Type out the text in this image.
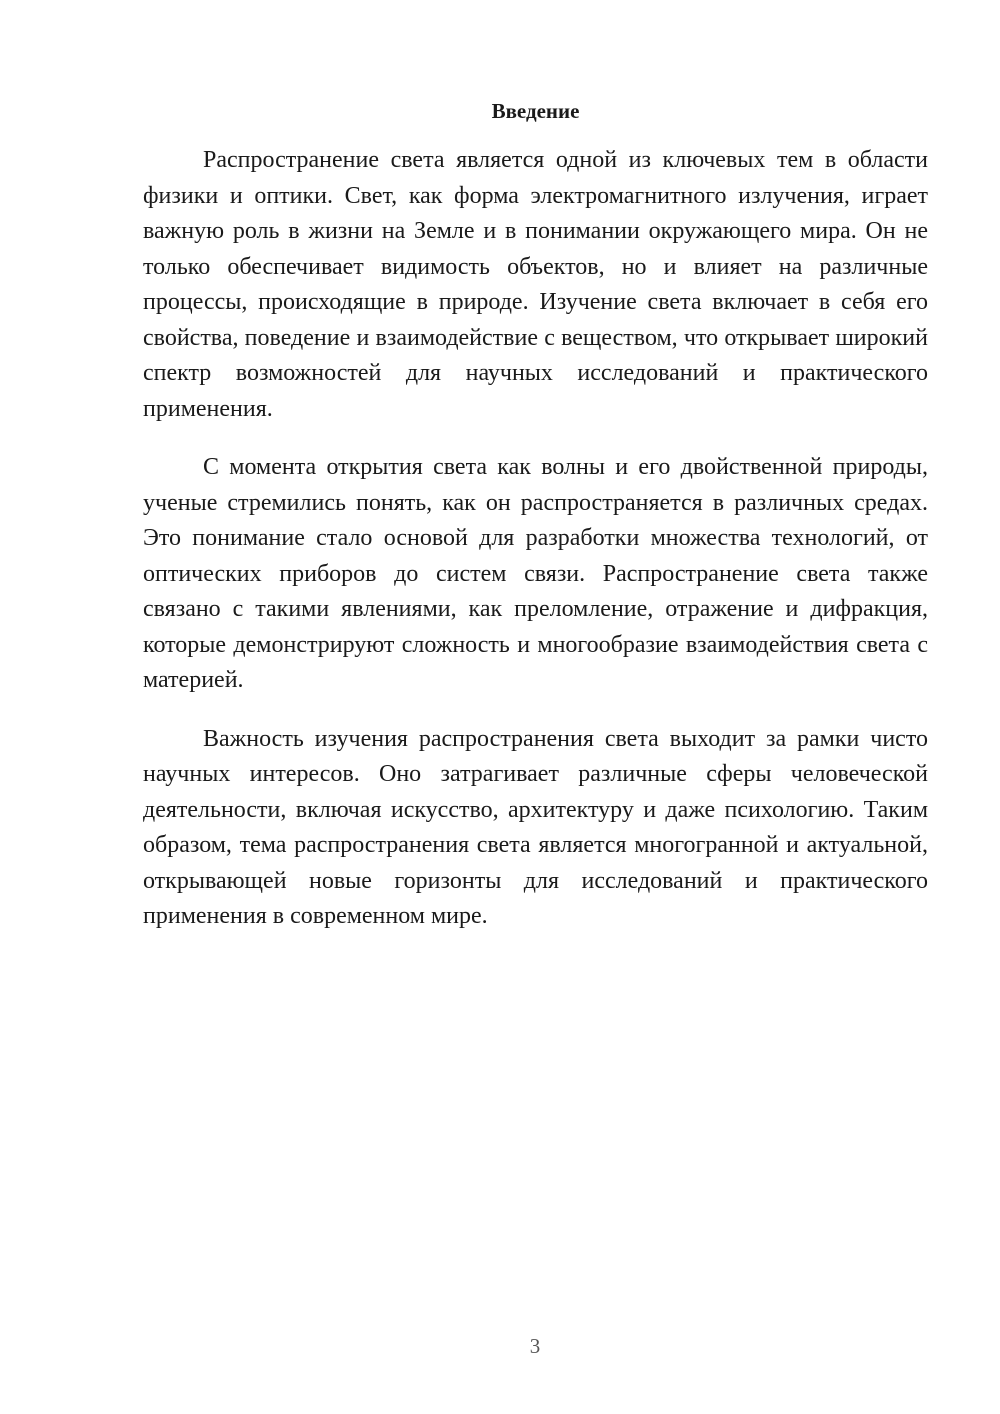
Введение

Распространение света является одной из ключевых тем в области физики и оптики. Свет, как форма электромагнитного излучения, играет важную роль в жизни на Земле и в понимании окружающего мира. Он не только обеспечивает видимость объектов, но и влияет на различные процессы, происходящие в природе. Изучение света включает в себя его свойства, поведение и взаимодействие с веществом, что открывает широкий спектр возможностей для научных исследований и практического применения.

С момента открытия света как волны и его двойственной природы, ученые стремились понять, как он распространяется в различных средах. Это понимание стало основой для разработки множества технологий, от оптических приборов до систем связи. Распространение света также связано с такими явлениями, как преломление, отражение и дифракция, которые демонстрируют сложность и многообразие взаимодействия света с материей.

Важность изучения распространения света выходит за рамки чисто научных интересов. Оно затрагивает различные сферы человеческой деятельности, включая искусство, архитектуру и даже психологию. Таким образом, тема распространения света является многогранной и актуальной, открывающей новые горизонты для исследований и практического применения в современном мире.

3
